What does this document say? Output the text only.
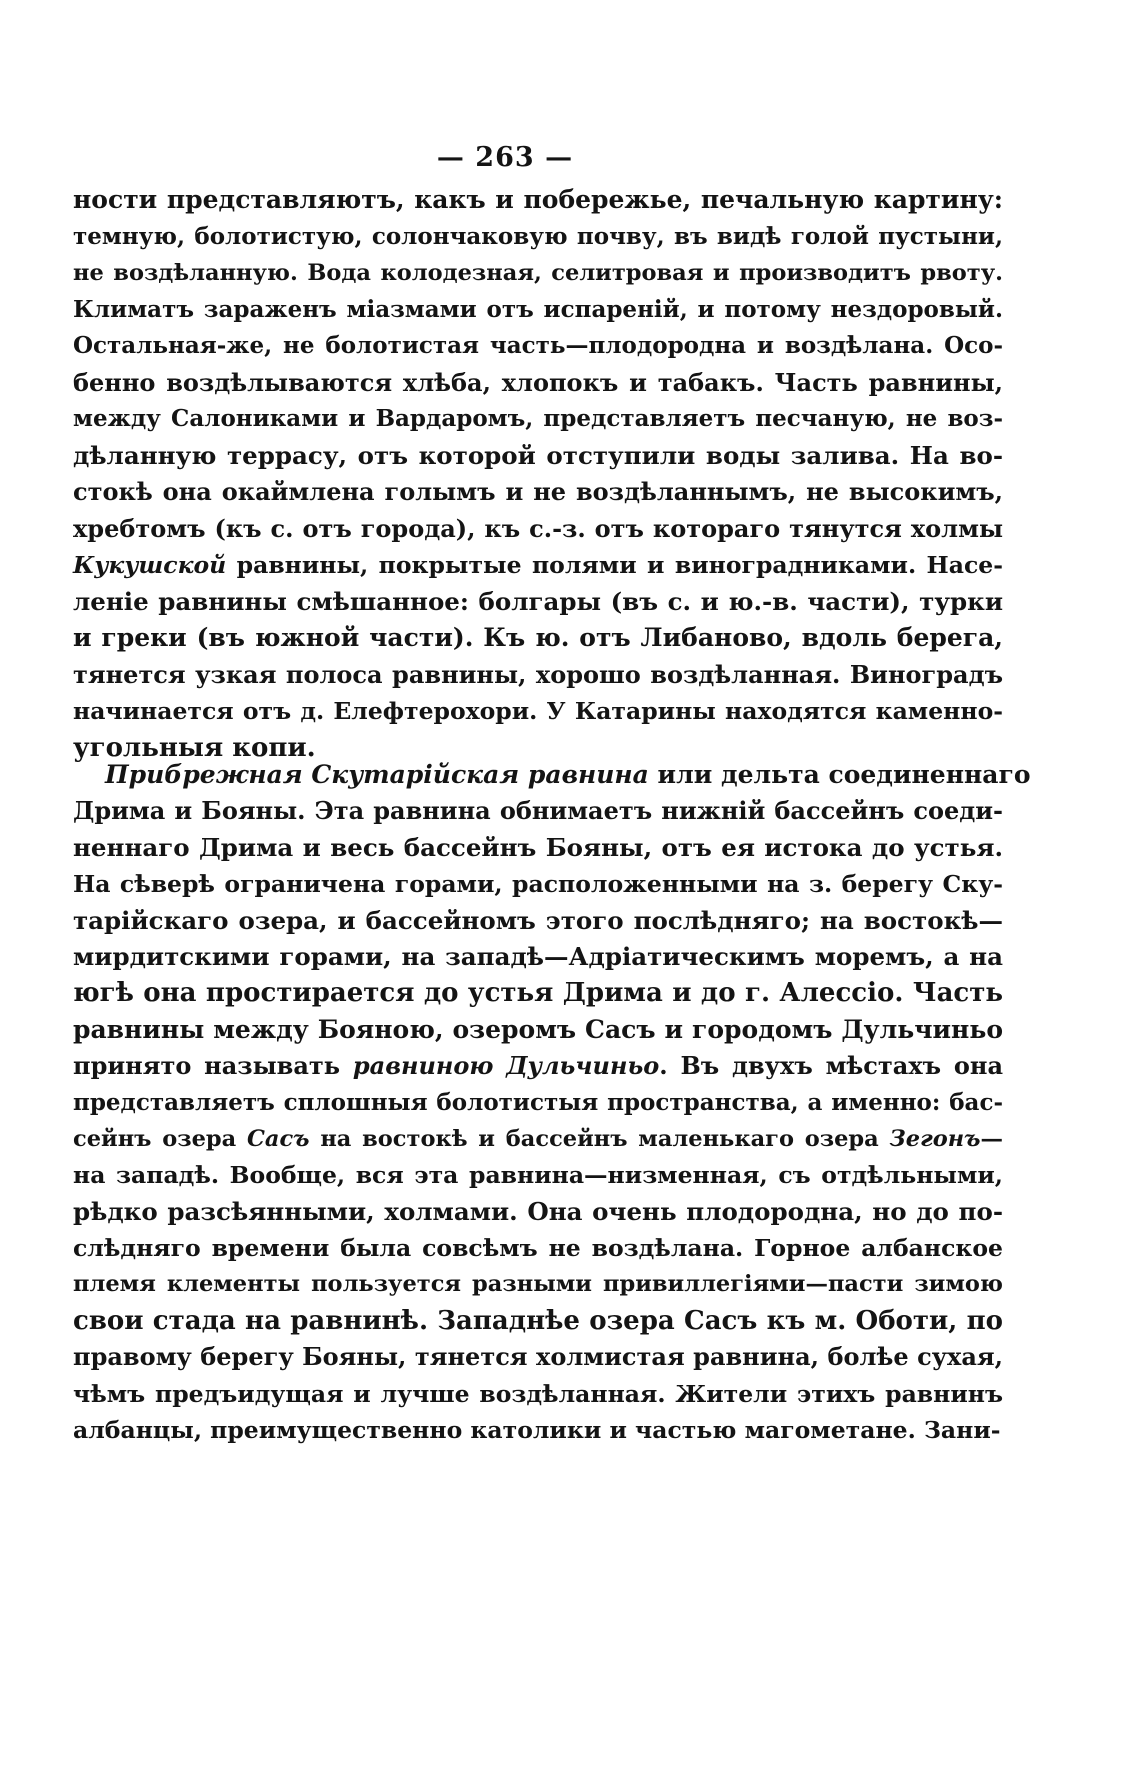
— 263 —
ности представляютъ, какъ и побережье, печальную картину:
темную, болотистую, солончаковую почву, въ видѣ голой пустыни,
не воздѣланную. Вода колодезная, селитровая и производитъ рвоту.
Климатъ зараженъ міазмами отъ испареній, и потому нездоровый.
Остальная-же, не болотистая часть—плодородна и воздѣлана. Осо-
бенно воздѣлываются хлѣба, хлопокъ и табакъ. Часть равнины,
между Салониками и Вардаромъ, представляетъ песчаную, не воз-
дѣланную террасу, отъ которой отступили воды залива. На во-
стокѣ она окаймлена голымъ и не воздѣланнымъ, не высокимъ,
хребтомъ (къ с. отъ города), къ с.-з. отъ котораго тянутся холмы
Кукушской равнины, покрытые полями и виноградниками. Насе-
леніе равнины смѣшанное: болгары (въ с. и ю.-в. части), турки
и греки (въ южной части). Къ ю. отъ Либаново, вдоль берега,
тянется узкая полоса равнины, хорошо воздѣланная. Виноградъ
начинается отъ д. Елефтерохори. У Катарины находятся каменно-
угольныя копи.
Прибрежная Скутарійская равнина или дельта соединеннаго
Дрима и Бояны. Эта равнина обнимаетъ нижній бассейнъ соеди-
неннаго Дрима и весь бассейнъ Бояны, отъ ея истока до устья.
На сѣверѣ ограничена горами, расположенными на з. берегу Ску-
тарійскаго озера, и бассейномъ этого послѣдняго; на востокѣ—
мирдитскими горами, на западѣ—Адріатическимъ моремъ, а на
югѣ она простирается до устья Дрима и до г. Алессіо. Часть
равнины между Бояною, озеромъ Сасъ и городомъ Дульчиньо
принято называть равниною Дульчиньо. Въ двухъ мѣстахъ она
представляетъ сплошныя болотистыя пространства, а именно: бас-
сейнъ озера Сасъ на востокѣ и бассейнъ маленькаго озера Зегонъ—
на западѣ. Вообще, вся эта равнина—низменная, съ отдѣльными,
рѣдко разсѣянными, холмами. Она очень плодородна, но до по-
слѣдняго времени была совсѣмъ не воздѣлана. Горное албанское
племя клементы пользуется разными привиллегіями—пасти зимою
свои стада на равнинѣ. Западнѣе озера Сасъ къ м. Оботи, по
правому берегу Бояны, тянется холмистая равнина, болѣе сухая,
чѣмъ предъидущая и лучше воздѣланная. Жители этихъ равнинъ
албанцы, преимущественно католики и частью магометане. Зани-
